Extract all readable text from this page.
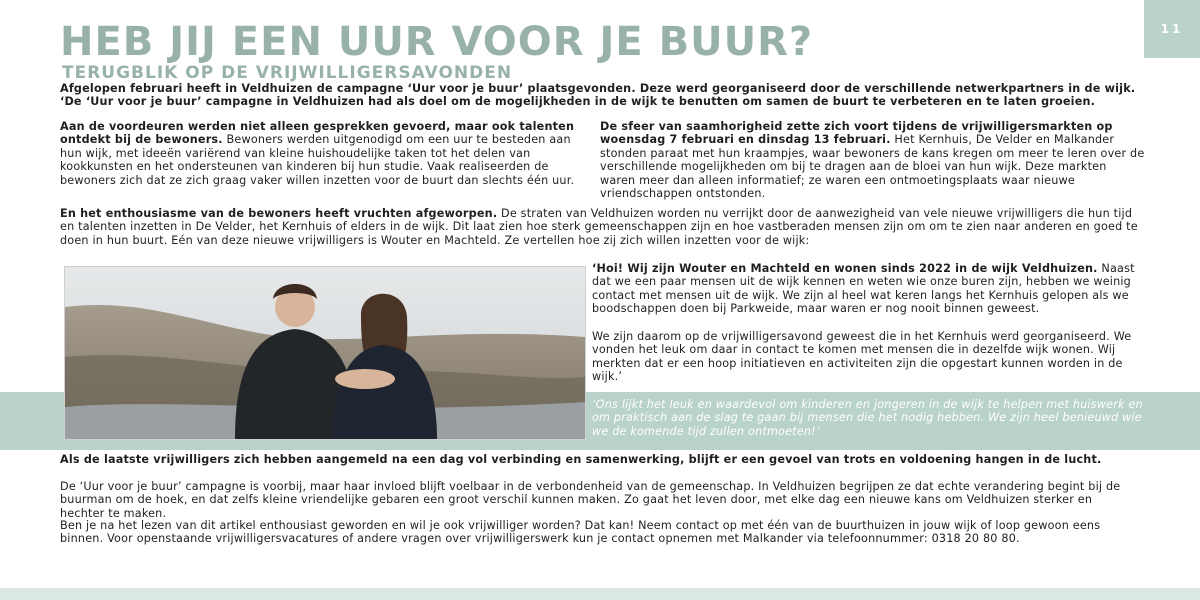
11
HEB JIJ EEN UUR VOOR JE BUUR?
TERUGBLIK OP DE VRIJWILLIGERSAVONDEN

Afgelopen februari heeft in Veldhuizen de campagne ‘Uur voor je buur’ plaatsgevonden. Deze werd georganiseerd door de verschillende netwerkpartners in de wijk. ‘De ‘Uur voor je buur’ campagne in Veldhuizen had als doel om de mogelijkheden in de wijk te benutten om samen de buurt te verbeteren en te laten groeien.

Aan de voordeuren werden niet alleen gesprekken gevoerd, maar ook talenten ontdekt bij de bewoners. Bewoners werden uitgenodigd om een uur te besteden aan hun wijk, met ideeën variërend van kleine huishoudelijke taken tot het delen van kookkunsten en het ondersteunen van kinderen bij hun studie. Vaak realiseerden de bewoners zich dat ze zich graag vaker willen inzetten voor de buurt dan slechts één uur.

De sfeer van saamhorigheid zette zich voort tijdens de vrijwilligersmarkten op woensdag 7 februari en dinsdag 13 februari. Het Kernhuis, De Velder en Malkander stonden paraat met hun kraampjes, waar bewoners de kans kregen om meer te leren over de verschillende mogelijkheden om bij te dragen aan de bloei van hun wijk. Deze markten waren meer dan alleen informatief; ze waren een ontmoetingsplaats waar nieuwe vriendschappen ontstonden.

En het enthousiasme van de bewoners heeft vruchten afgeworpen. De straten van Veldhuizen worden nu verrijkt door de aanwezigheid van vele nieuwe vrijwilligers die hun tijd en talenten inzetten in De Velder, het Kernhuis of elders in de wijk. Dit laat zien hoe sterk gemeenschappen zijn en hoe vastberaden mensen zijn om om te zien naar anderen en goed te doen in hun buurt. Eén van deze nieuwe vrijwilligers is Wouter en Machteld. Ze vertellen hoe zij zich willen inzetten voor de wijk:

‘Hoi! Wij zijn Wouter en Machteld en wonen sinds 2022 in de wijk Veldhuizen. Naast dat we een paar mensen uit de wijk kennen en weten wie onze buren zijn, hebben we weinig contact met mensen uit de wijk. We zijn al heel wat keren langs het Kernhuis gelopen als we boodschappen doen bij Parkweide, maar waren er nog nooit binnen geweest.

We zijn daarom op de vrijwilligersavond geweest die in het Kernhuis werd georganiseerd. We vonden het leuk om daar in contact te komen met mensen die in dezelfde wijk wonen. Wij merkten dat er een hoop initiatieven en activiteiten zijn die opgestart kunnen worden in de wijk.’

‘Ons lijkt het leuk en waardevol om kinderen en jongeren in de wijk te helpen met huiswerk en om praktisch aan de slag te gaan bij mensen die het nodig hebben. We zijn heel benieuwd wie we de komende tijd zullen ontmoeten!’

Als de laatste vrijwilligers zich hebben aangemeld na een dag vol verbinding en samenwerking, blijft er een gevoel van trots en voldoening hangen in de lucht.

De ‘Uur voor je buur’ campagne is voorbij, maar haar invloed blijft voelbaar in de verbondenheid van de gemeenschap. In Veldhuizen begrijpen ze dat echte verandering begint bij de buurman om de hoek, en dat zelfs kleine vriendelijke gebaren een groot verschil kunnen maken. Zo gaat het leven door, met elke dag een nieuwe kans om Veldhuizen sterker en hechter te maken.

Ben je na het lezen van dit artikel enthousiast geworden en wil je ook vrijwilliger worden? Dat kan! Neem contact op met één van de buurthuizen in jouw wijk of loop gewoon eens binnen. Voor openstaande vrijwilligersvacatures of andere vragen over vrijwilligerswerk kun je contact opnemen met Malkander via telefoonnummer: 0318 20 80 80.
